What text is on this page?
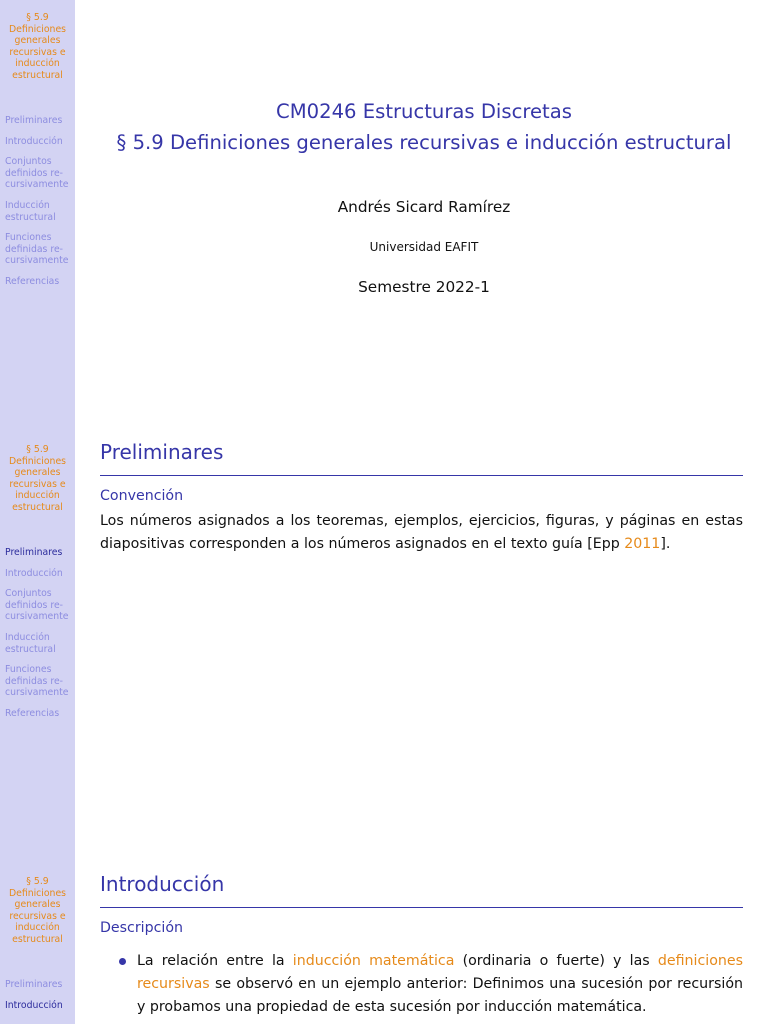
§ 5.9
Definiciones
generales
recursivas e
inducción
estructural
Preliminares
Introducción
Conjuntos
definidos re-
cursivamente
Inducción
estructural
Funciones
definidas re-
cursivamente
Referencias
CM0246 Estructuras Discretas
§ 5.9 Definiciones generales recursivas e inducción estructural
Andrés Sicard Ramírez
Universidad EAFIT
Semestre 2022-1
§ 5.9
Definiciones
generales
recursivas e
inducción
estructural
Preliminares
Introducción
Conjuntos
definidos re-
cursivamente
Inducción
estructural
Funciones
definidas re-
cursivamente
Referencias
Preliminares
Convención
Los números asignados a los teoremas, ejemplos, ejercicios, figuras, y páginas en estas diapositivas corresponden a los números asignados en el texto guía [Epp 2011].
§ 5.9
Definiciones
generales
recursivas e
inducción
estructural
Preliminares
Introducción
Introducción
Descripción
La relación entre la inducción matemática (ordinaria o fuerte) y las definiciones recursivas se observó en un ejemplo anterior: Definimos una sucesión por recursión y probamos una propiedad de esta sucesión por inducción matemática.
